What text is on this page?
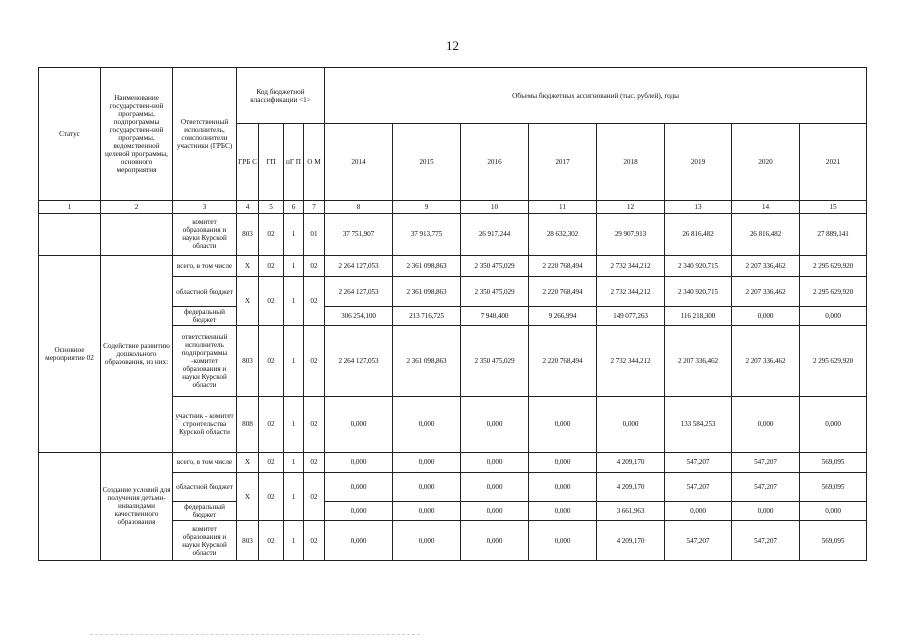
12
Статус	Наименование государствен-ной программы, подпрограммы государствен-ной программы, ведомственной целевой программы, основного мероприятия	Ответственный исполнитель, соисполнители участники (ГРБС)	Код бюджетной классификации <1>				Объемы бюджетных ассигнований (тыс. рублей), годы							
			ГРБ С	ГП	пГ П	О М	2014	2015	2016	2017	2018	2019	2020	2021
1	2	3	4	5	6	7	8	9	10	11	12	13	14	15
		комитет образования и науки Курской области	803	02	1	01	37 751,907	37 913,775	26 917,244	28 632,302	29 907,913	26 816,482	26 816,482	27 889,141
Основное мероприятие 02	Содействие развитию дошкольного образования, из них:	всего, в том числе	Х	02	1	02	2 264 127,053	2 361 098,863	2 350 475,029	2 220 768,494	2 732 344,212	2 340 920,715	2 207 336,462	2 295 629,920
		областной бюджет	Х	02	1	02	2 264 127,053	2 361 098,863	2 350 475,029	2 220 768,494	2 732 344,212	2 340 920,715	2 207 336,462	2 295 629,920
		федеральный бюджет					306 254,100	213 716,725	7 940,400	9 266,994	149 077,263	116 218,300	0,000	0,000
		ответственный исполнитель подпрограммы -комитет образования и науки Курской области	803	02	1	02	2 264 127,053	2 361 098,863	2 350 475,029	2 220 768,494	2 732 344,212	2 207 336,462	2 207 336,462	2 295 629,920
		участник - комитет строительства Курской области	808	02	1	02	0,000	0,000	0,000	0,000	0,000	133 584,253	0,000	0,000
	Создание условий для получения детьми-инвалидами качественного образования	всего, в том числе	Х	02	1	02	0,000	0,000	0,000	0,000	4 209,170	547,207	547,207	569,095
		областной бюджет	Х	02	1	02	0,000	0,000	0,000	0,000	4 209,170	547,207	547,207	569,095
		федеральный бюджет					0,000	0,000	0,000	0,000	3 661,963	0,000	0,000	0,000
		комитет образования и науки Курской области	803	02	1	02	0,000	0,000	0,000	0,000	4 209,170	547,207	547,207	569,095
